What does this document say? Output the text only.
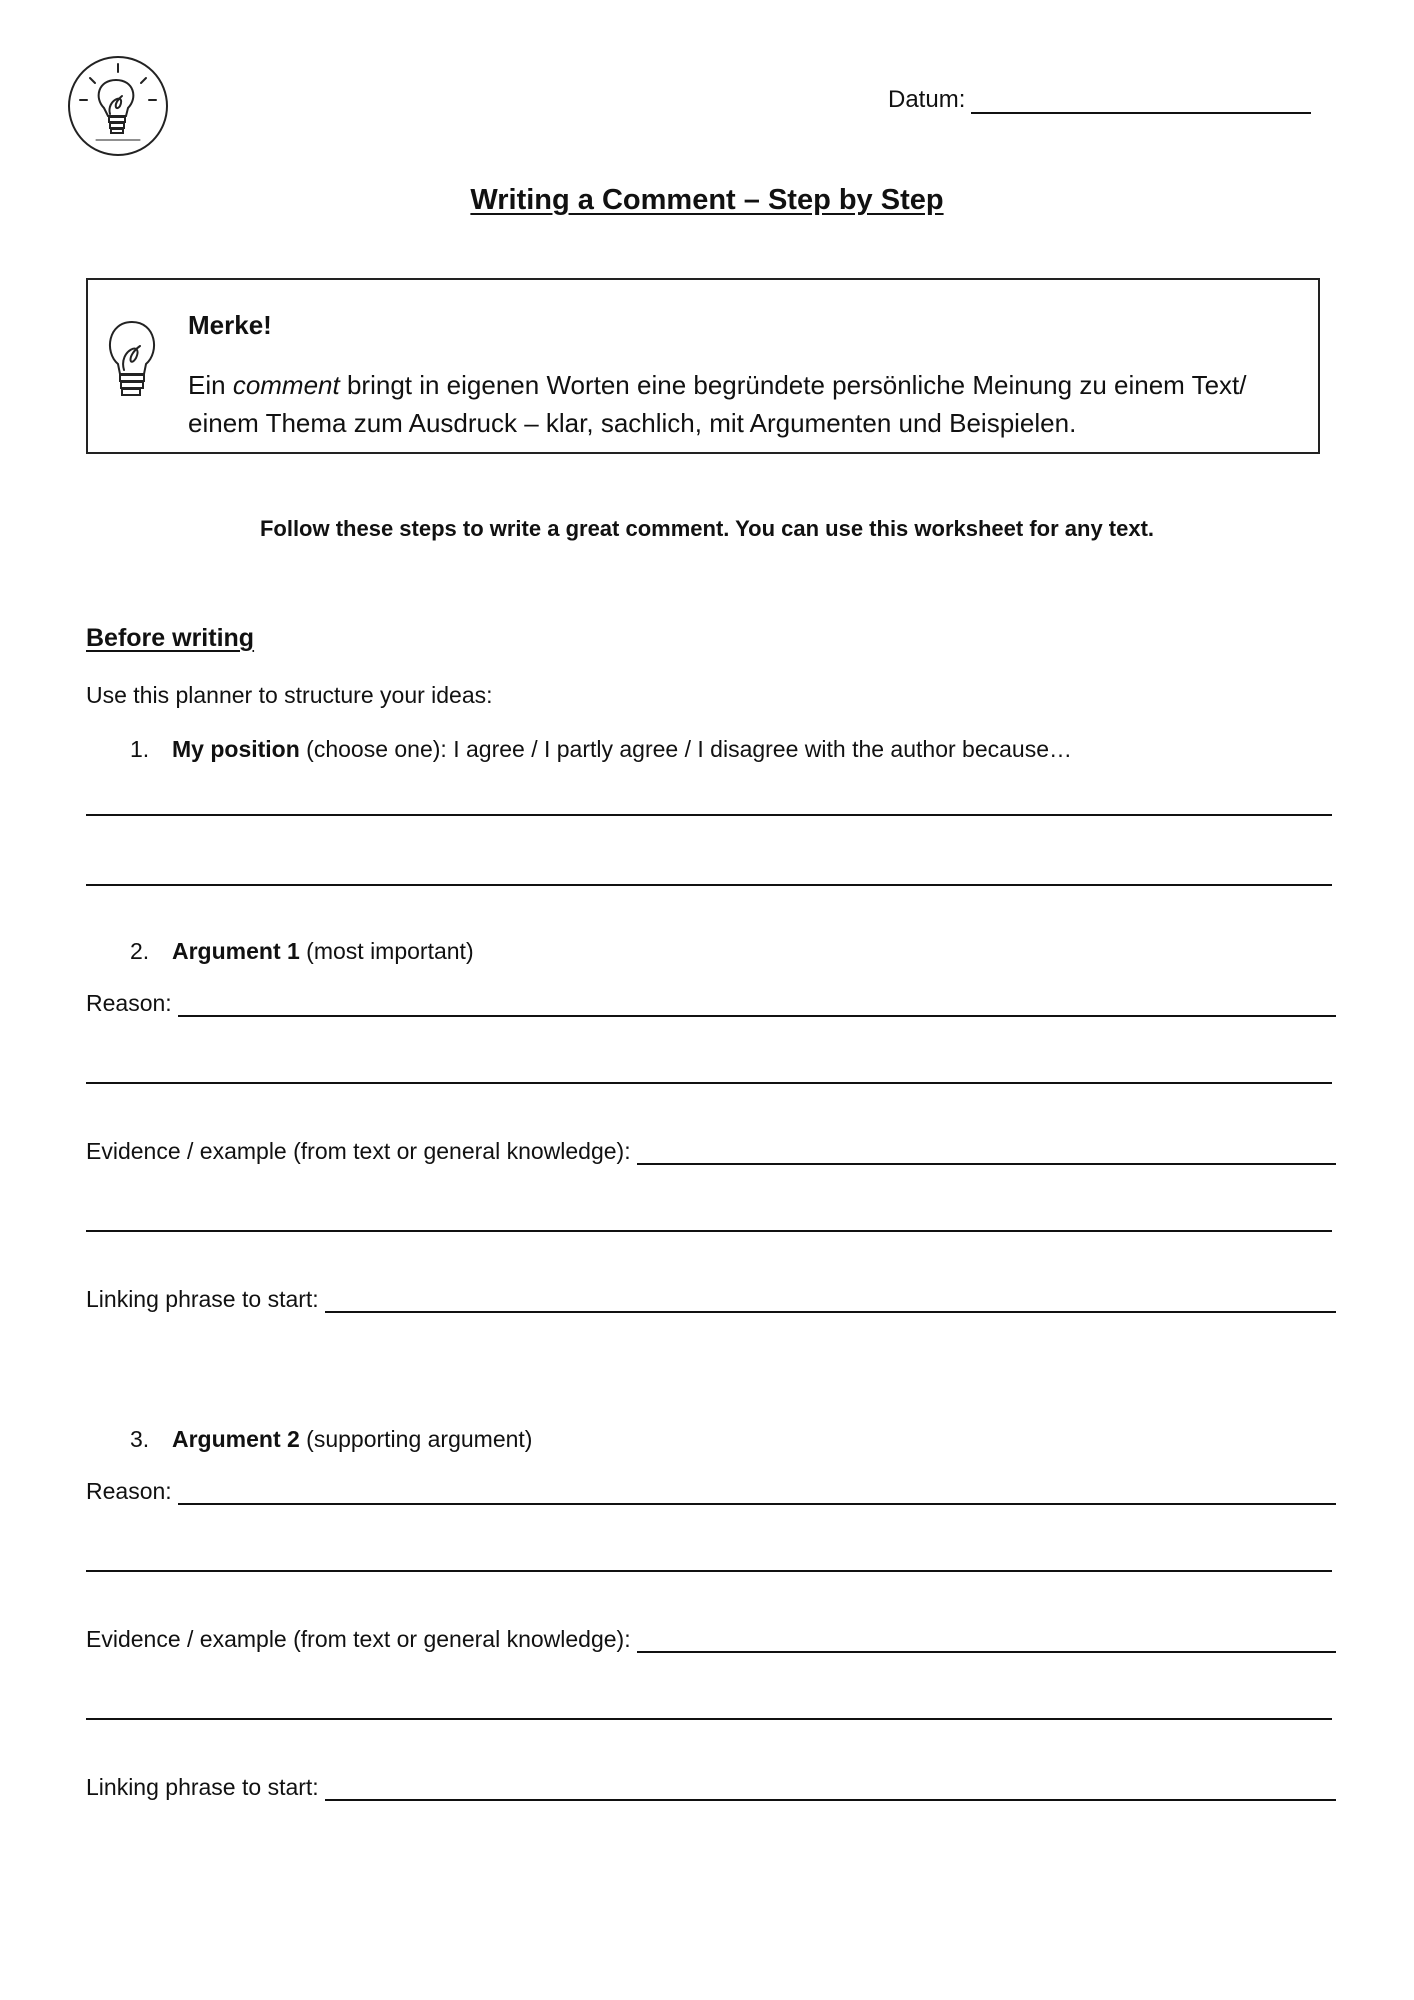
Datum:
Writing a Comment – Step by Step
Merke!
Ein comment bringt in eigenen Worten eine begründete persönliche Meinung zu einem Text/ einem Thema zum Ausdruck – klar, sachlich, mit Argumenten und Beispielen.
Follow these steps to write a great comment. You can use this worksheet for any text.
Before writing
Use this planner to structure your ideas:
1. My position (choose one): I agree / I partly agree / I disagree with the author because…
2. Argument 1 (most important)
Reason:
Evidence / example (from text or general knowledge):
Linking phrase to start:
3. Argument 2 (supporting argument)
Reason:
Evidence / example (from text or general knowledge):
Linking phrase to start:
